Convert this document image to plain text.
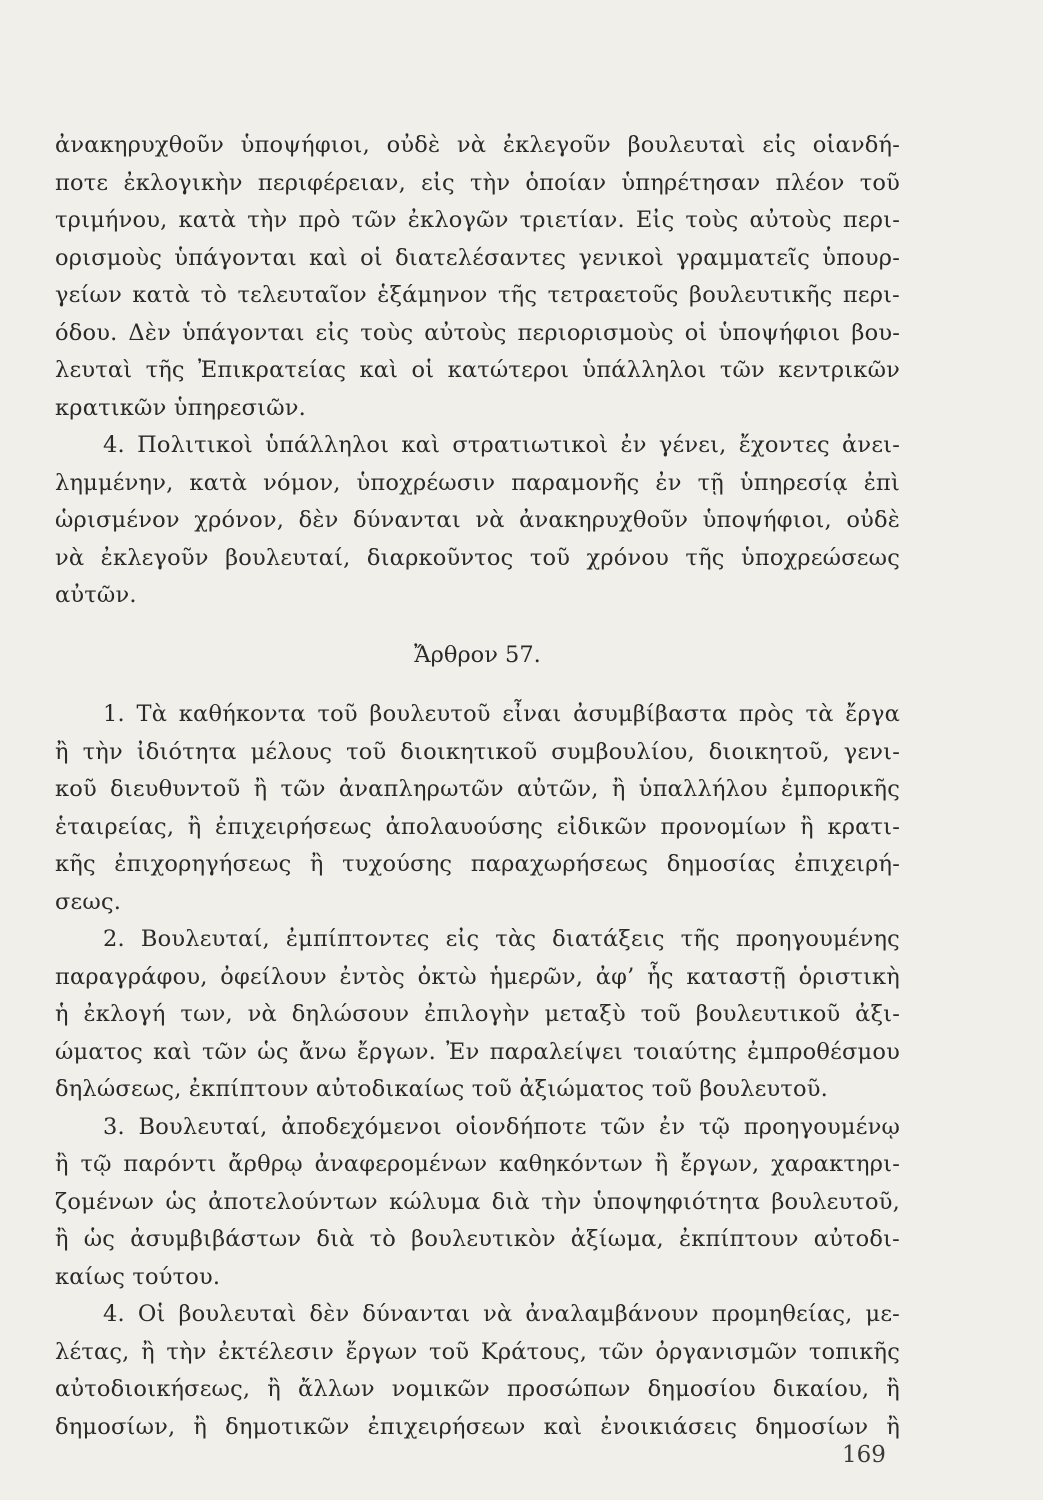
ἀνακηρυχθοῦν ὑποψήφιοι, οὐδὲ νὰ ἐκλεγοῦν βουλευταὶ εἰς οἱανδή-
ποτε ἐκλογικὴν περιφέρειαν, εἰς τὴν ὁποίαν ὑπηρέτησαν πλέον τοῦ
τριμήνου, κατὰ τὴν πρὸ τῶν ἐκλογῶν τριετίαν. Εἰς τοὺς αὐτοὺς περι-
ορισμοὺς ὑπάγονται καὶ οἱ διατελέσαντες γενικοὶ γραμματεῖς ὑπουρ-
γείων κατὰ τὸ τελευταῖον ἑξάμηνον τῆς τετραετοῦς βουλευτικῆς περι-
όδου. Δὲν ὑπάγονται εἰς τοὺς αὐτοὺς περιορισμοὺς οἱ ὑποψήφιοι βου-
λευταὶ τῆς Ἐπικρατείας καὶ οἱ κατώτεροι ὑπάλληλοι τῶν κεντρικῶν
κρατικῶν ὑπηρεσιῶν.
4. Πολιτικοὶ ὑπάλληλοι καὶ στρατιωτικοὶ ἐν γένει, ἔχοντες ἀνει-
λημμένην, κατὰ νόμον, ὑποχρέωσιν παραμονῆς ἐν τῇ ὑπηρεσίᾳ ἐπὶ
ὡρισμένον χρόνον, δὲν δύνανται νὰ ἀνακηρυχθοῦν ὑποψήφιοι, οὐδὲ
νὰ ἐκλεγοῦν βουλευταί, διαρκοῦντος τοῦ χρόνου τῆς ὑποχρεώσεως
αὐτῶν.
Ἄρθρον 57.
1. Τὰ καθήκοντα τοῦ βουλευτοῦ εἶναι ἀσυμβίβαστα πρὸς τὰ ἔργα
ἢ τὴν ἰδιότητα μέλους τοῦ διοικητικοῦ συμβουλίου, διοικητοῦ, γενι-
κοῦ διευθυντοῦ ἢ τῶν ἀναπληρωτῶν αὐτῶν, ἢ ὑπαλλήλου ἐμπορικῆς
ἑταιρείας, ἢ ἐπιχειρήσεως ἀπολαυούσης εἰδικῶν προνομίων ἢ κρατι-
κῆς ἐπιχορηγήσεως ἢ τυχούσης παραχωρήσεως δημοσίας ἐπιχειρή-
σεως.
2. Βουλευταί, ἐμπίπτοντες εἰς τὰς διατάξεις τῆς προηγουμένης
παραγράφου, ὀφείλουν ἐντὸς ὀκτὼ ἡμερῶν, ἀφ’ ἧς καταστῇ ὁριστικὴ
ἡ ἐκλογή των, νὰ δηλώσουν ἐπιλογὴν μεταξὺ τοῦ βουλευτικοῦ ἀξι-
ώματος καὶ τῶν ὡς ἄνω ἔργων. Ἐν παραλείψει τοιαύτης ἐμπροθέσμου
δηλώσεως, ἐκπίπτουν αὐτοδικαίως τοῦ ἀξιώματος τοῦ βουλευτοῦ.
3. Βουλευταί, ἀποδεχόμενοι οἱονδήποτε τῶν ἐν τῷ προηγουμένῳ
ἢ τῷ παρόντι ἄρθρῳ ἀναφερομένων καθηκόντων ἢ ἔργων, χαρακτηρι-
ζομένων ὡς ἀποτελούντων κώλυμα διὰ τὴν ὑποψηφιότητα βουλευτοῦ,
ἢ ὡς ἀσυμβιβάστων διὰ τὸ βουλευτικὸν ἀξίωμα, ἐκπίπτουν αὐτοδι-
καίως τούτου.
4. Οἱ βουλευταὶ δὲν δύνανται νὰ ἀναλαμβάνουν προμηθείας, με-
λέτας, ἢ τὴν ἐκτέλεσιν ἔργων τοῦ Κράτους, τῶν ὀργανισμῶν τοπικῆς
αὐτοδιοικήσεως, ἢ ἄλλων νομικῶν προσώπων δημοσίου δικαίου, ἢ
δημοσίων, ἢ δημοτικῶν ἐπιχειρήσεων καὶ ἐνοικιάσεις δημοσίων ἢ
169
